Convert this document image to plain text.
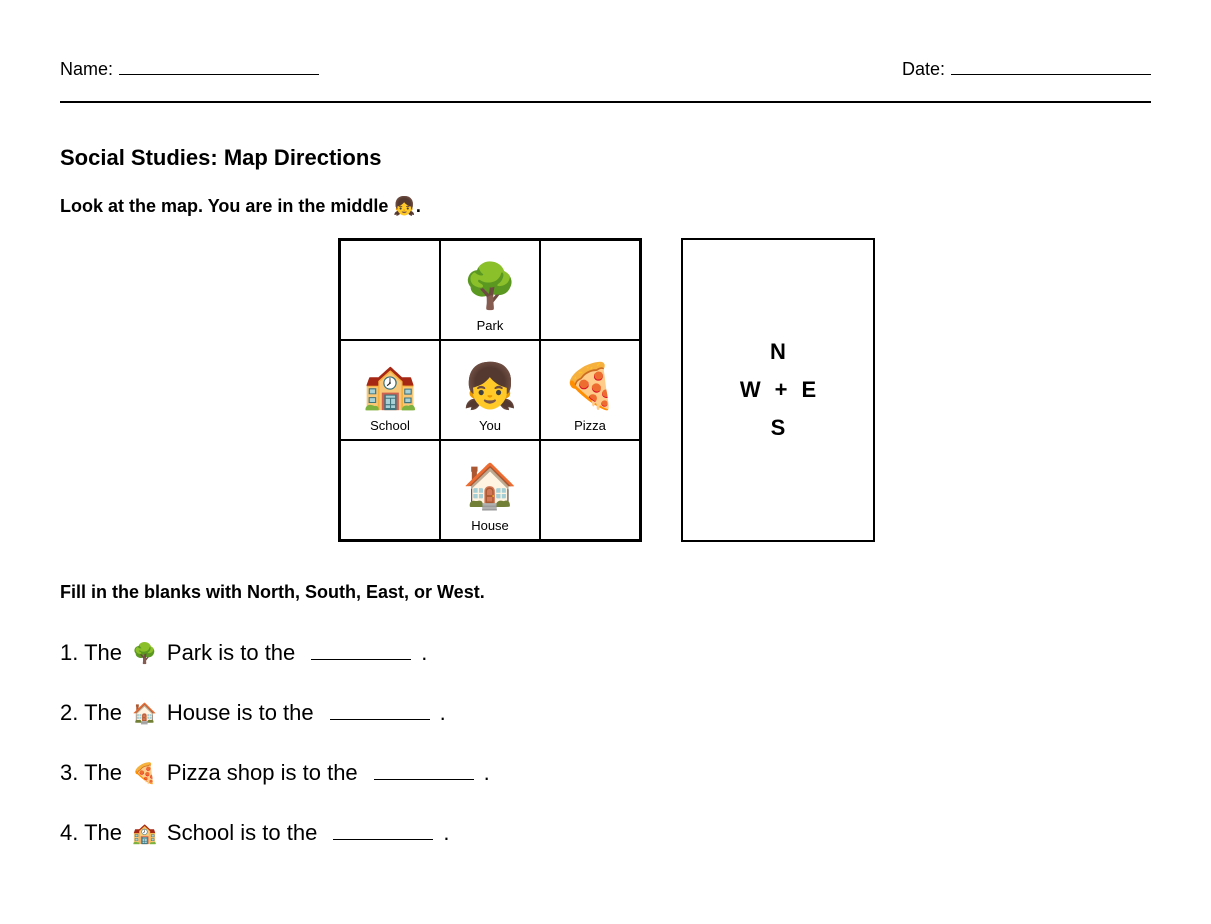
Name:	Date:
Social Studies: Map Directions
Look at the map. You are in the middle 👧.
🌳
Park
🏫
School
👧
You
🍕
Pizza
🏠
House
N
W + E
S
Fill in the blanks with North, South, East, or West.
1. The 🌳 Park is to the	.
2. The 🏠 House is to the	.
3. The 🍕 Pizza shop is to the	.
4. The 🏫 School is to the	.
